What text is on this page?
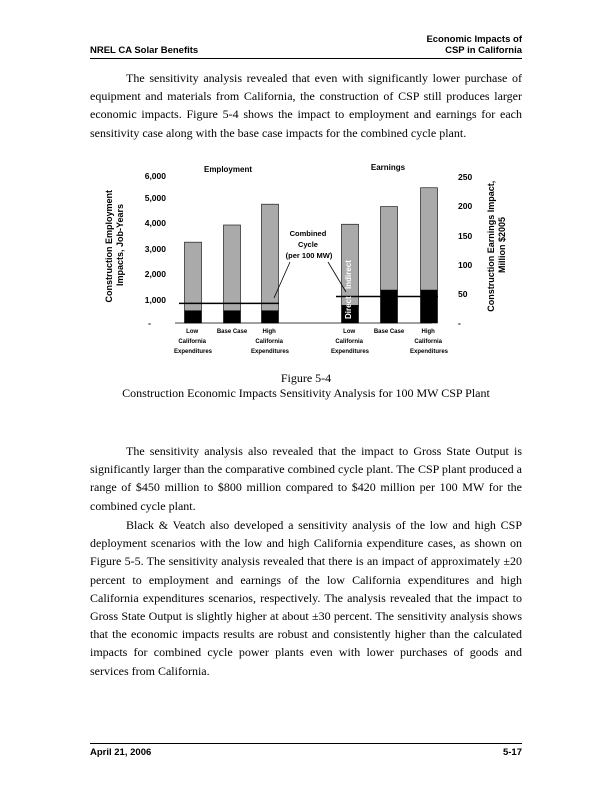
NREL CA Solar Benefits
Economic Impacts of
CSP in California

The sensitivity analysis revealed that even with significantly lower purchase of equipment and materials from California, the construction of CSP still produces larger economic impacts. Figure 5-4 shows the impact to employment and earnings for each sensitivity case along with the base case impacts for the combined cycle plant.

Employment	Earnings
Construction Employment Impacts, Job-Years	Construction Earnings Impact, Million $2005
-
1,000
2,000
3,000
4,000
5,000
6,000
-
50
100
150
200
250
Combined Cycle (per 100 MW)
Direct
Indirect
Low California Expenditures
Base Case	High California Expenditures
Low California Expenditures
Base Case	High California Expenditures
Figure 5-4
Construction Economic Impacts Sensitivity Analysis for 100 MW CSP Plant

The sensitivity analysis also revealed that the impact to Gross State Output is significantly larger than the comparative combined cycle plant. The CSP plant produced a range of $450 million to $800 million compared to $420 million per 100 MW for the combined cycle plant.

Black & Veatch also developed a sensitivity analysis of the low and high CSP deployment scenarios with the low and high California expenditure cases, as shown on Figure 5-5. The sensitivity analysis revealed that there is an impact of approximately ±20 percent to employment and earnings of the low California expenditures and high California expenditures scenarios, respectively. The analysis revealed that the impact to Gross State Output is slightly higher at about ±30 percent. The sensitivity analysis shows that the economic impacts results are robust and consistently higher than the calculated impacts for combined cycle power plants even with lower purchases of goods and services from California.

April 21, 2006	5-17
